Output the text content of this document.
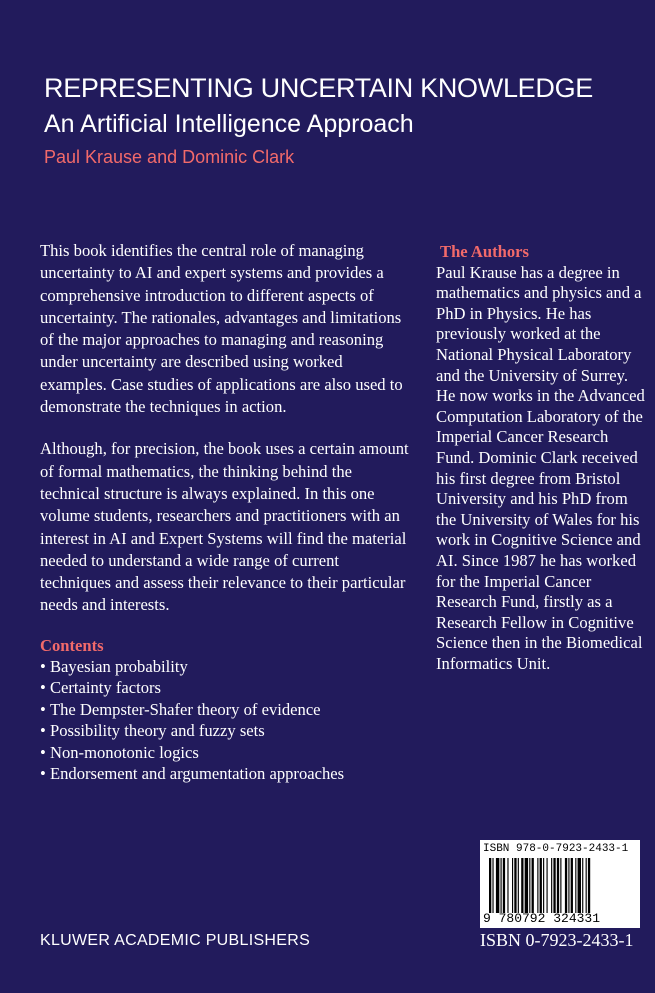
REPRESENTING UNCERTAIN KNOWLEDGE
An Artificial Intelligence Approach
Paul Krause and Dominic Clark

This book identifies the central role of managing uncertainty to AI and expert systems and provides a comprehensive introduction to different aspects of uncertainty. The rationales, advantages and limitations of the major approaches to managing and reasoning under uncertainty are described using worked examples. Case studies of applications are also used to demonstrate the techniques in action.

Although, for precision, the book uses a certain amount of formal mathematics, the thinking behind the technical structure is always explained. In this one volume students, researchers and practitioners with an interest in AI and Expert Systems will find the material needed to understand a wide range of current techniques and assess their relevance to their particular needs and interests.

Contents
• Bayesian probability
• Certainty factors
• The Dempster-Shafer theory of evidence
• Possibility theory and fuzzy sets
• Non-monotonic logics
• Endorsement and argumentation approaches
The Authors
Paul Krause has a degree in mathematics and physics and a PhD in Physics. He has previously worked at the National Physical Laboratory and the University of Surrey. He now works in the Advanced Computation Laboratory of the Imperial Cancer Research Fund. Dominic Clark received his first degree from Bristol University and his PhD from the University of Wales for his work in Cognitive Science and AI. Since 1987 he has worked for the Imperial Cancer Research Fund, firstly as a Research Fellow in Cognitive Science then in the Biomedical Informatics Unit.
ISBN 978-0-7923-2433-1
9 780792 324331
ISBN 0-7923-2433-1
KLUWER ACADEMIC PUBLISHERS
